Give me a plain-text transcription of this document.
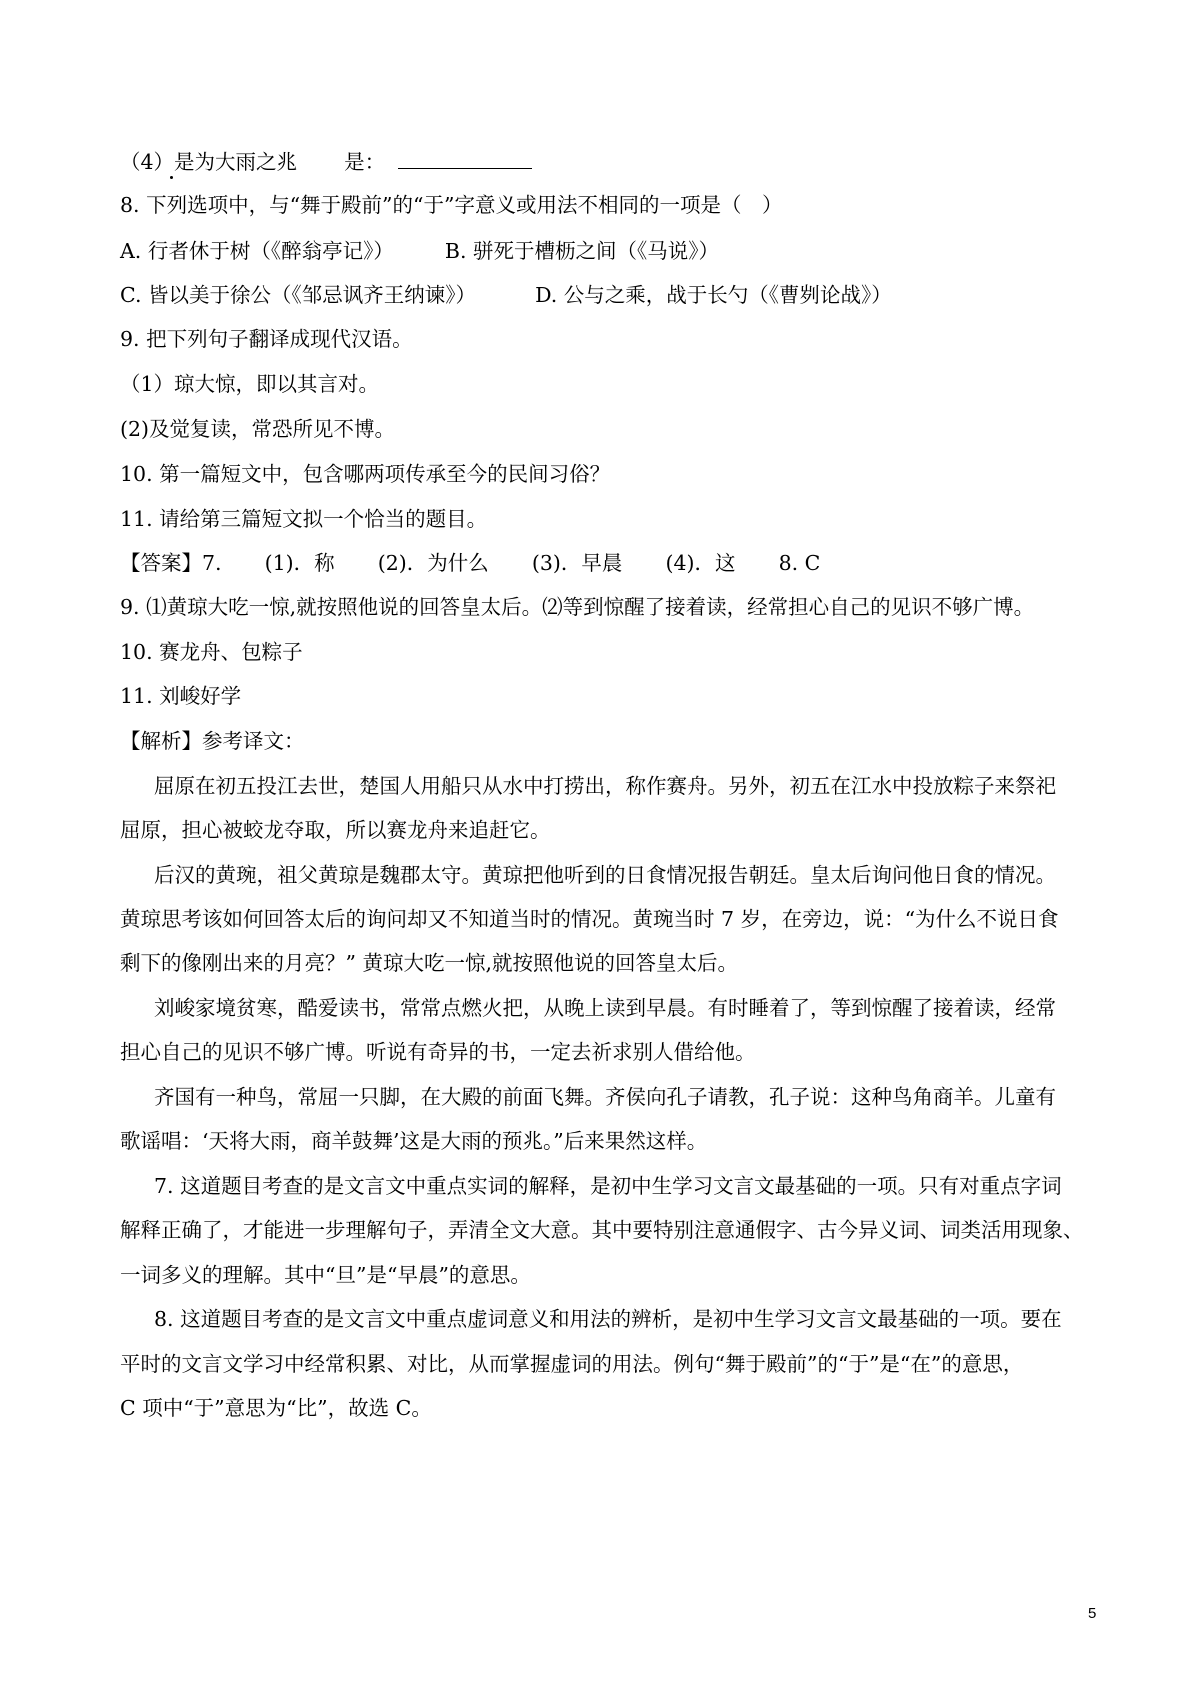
（4）是为大雨之兆 是：
8. 下列选项中，与“舞于殿前”的“于”字意义或用法不相同的一项是（　）
A. 行者休于树（《醉翁亭记》） B. 骈死于槽枥之间（《马说》）
C. 皆以美于徐公（《邹忌讽齐王纳谏》）	D. 公与之乘，战于长勺（《曹刿论战》）
9. 把下列句子翻译成现代汉语。
（1）琼大惊，即以其言对。
(2)及觉复读，常恐所见不博。
10. 第一篇短文中，包含哪两项传承至今的民间习俗？
11. 请给第三篇短文拟一个恰当的题目。
【答案】7. (1)．称 (2)．为什么 (3)．早晨 (4)．这 8. C
9. ⑴黄琼大吃一惊,就按照他说的回答皇太后。⑵等到惊醒了接着读，经常担心自己的见识不够广博。
10. 赛龙舟、包粽子
11. 刘峻好学
【解析】参考译文：
屈原在初五投江去世，楚国人用船只从水中打捞出，称作赛舟。另外，初五在江水中投放粽子来祭祀
屈原，担心被蛟龙夺取，所以赛龙舟来追赶它。
后汉的黄琬，祖父黄琼是魏郡太守。黄琼把他听到的日食情况报告朝廷。皇太后询问他日食的情况。
黄琼思考该如何回答太后的询问却又不知道当时的情况。黄琬当时 7 岁，在旁边，说：“为什么不说日食
剩下的像刚出来的月亮？” 黄琼大吃一惊,就按照他说的回答皇太后。
刘峻家境贫寒，酷爱读书，常常点燃火把，从晚上读到早晨。有时睡着了，等到惊醒了接着读，经常
担心自己的见识不够广博。听说有奇异的书，一定去祈求别人借给他。
齐国有一种鸟，常屈一只脚，在大殿的前面飞舞。齐侯向孔子请教，孔子说：这种鸟角商羊。儿童有
歌谣唱：‘天将大雨，商羊鼓舞’这是大雨的预兆。”后来果然这样。
7. 这道题目考查的是文言文中重点实词的解释，是初中生学习文言文最基础的一项。只有对重点字词
解释正确了，才能进一步理解句子，弄清全文大意。其中要特别注意通假字、古今异义词、词类活用现象、
一词多义的理解。其中“旦”是“早晨”的意思。
8. 这道题目考查的是文言文中重点虚词意义和用法的辨析，是初中生学习文言文最基础的一项。要在
平时的文言文学习中经常积累、对比，从而掌握虚词的用法。例句“舞于殿前”的“于”是“在”的意思，
C 项中“于”意思为“比”，故选 C。
5
